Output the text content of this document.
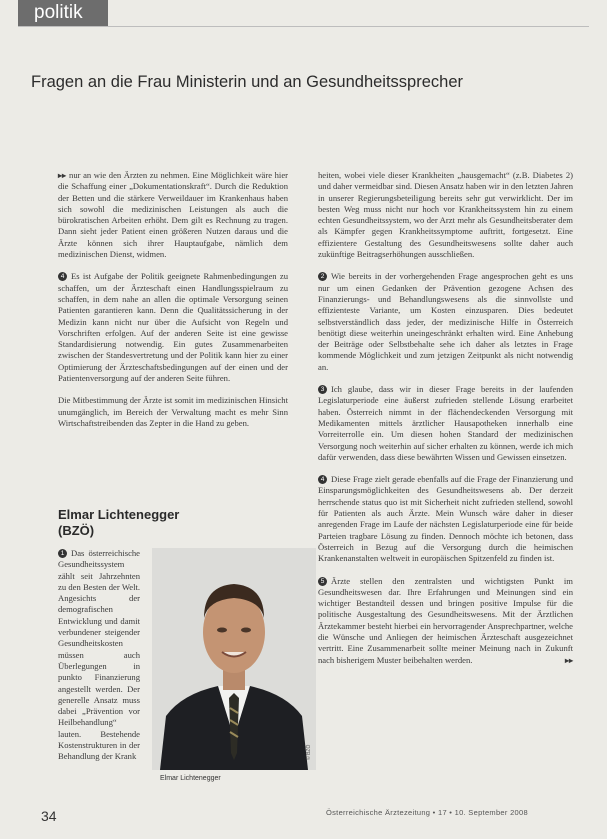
politik
Fragen an die Frau Ministerin und an Gesundheitssprecher

▸▸ nur an wie den Ärzten zu nehmen. Eine Möglichkeit wäre hier die Schaffung einer „Dokumentationskraft“. Durch die Reduktion der Betten und die stärkere Verweildauer im Krankenhaus haben sich sowohl die medizinischen Leistungen als auch die bürokratischen Arbeiten erhöht. Dem gilt es Rechnung zu tragen. Dann sieht jeder Patient einen größeren Nutzen daraus und die Ärzte können sich ihrer Hauptaufgabe, nämlich dem medizinischen Dienst, widmen.

4 Es ist Aufgabe der Politik geeignete Rahmenbedingungen zu schaffen, um der Ärzteschaft einen Handlungsspielraum zu schaffen, in dem nahe an allen die optimale Versorgung seinen Patienten garantieren kann. Denn die Qualitätssicherung in der Medizin kann nicht nur über die Aufsicht von Regeln und Vorschriften erfolgen. Auf der anderen Seite ist eine gewisse Standardisierung notwendig. Ein gutes Zusammenarbeiten zwischen der Standesvertretung und der Politik kann hier zu einer Optimierung der Ärzteschaftsbedingungen auf der einen und der Patientenversorgung auf der anderen Seite führen.

Die Mitbestimmung der Ärzte ist somit im medizinischen Hinsicht unumgänglich, im Bereich der Verwaltung macht es mehr Sinn Wirtschaftstreibenden das Zepter in die Hand zu geben.

Elmar Lichtenegger
(BZÖ)
1 Das österreichische Gesundheitssystem zählt seit Jahrzehnten zu den Besten der Welt. Angesichts der demografischen Entwicklung und damit verbundener steigender Gesundheitskosten müssen auch Überlegungen in punkto Finanzierung angestellt werden. Der generelle Ansatz muss dabei „Prävention vor Heilbehandlung“ lauten. Bestehende Kostenstrukturen in der Behandlung der Krank
Elmar Lichtenegger
© BZÖ

heiten, wobei viele dieser Krankheiten „hausgemacht“ (z.B. Diabetes 2) und daher vermeidbar sind. Diesen Ansatz haben wir in den letzten Jahren in unserer Regierungsbeteiligung bereits sehr gut verwirklicht. Der im besten Weg muss nicht nur hoch vor Krankheitssystem hin zu einem echten Gesundheitssystem, wo der Arzt mehr als Gesundheitsberater dem als Kämpfer gegen Krankheitssymptome auftritt, fortgesetzt. Eine effizientere Gestaltung des Gesundheitswesens sollte daher auch zukünftige Beitragserhöhungen ausschließen.

2 Wie bereits in der vorhergehenden Frage angesprochen geht es uns nur um einen Gedanken der Prävention gezogene Achsen des Finanzierungs- und Behandlungswesens als die sinnvollste und effizienteste Variante, um Kosten einzusparen. Dies bedeutet selbstverständlich dass jeder, der medizinische Hilfe in Österreich benötigt diese weiterhin uneingeschränkt erhalten wird. Eine Anhebung der Beiträge oder Selbstbehalte sehe ich daher als letztes in Frage kommende Möglichkeit und zum jetzigen Zeitpunkt als nicht notwendig an.

3 Ich glaube, dass wir in dieser Frage bereits in der laufenden Legislaturperiode eine äußerst zufrieden stellende Lösung erarbeitet haben. Österreich nimmt in der flächendeckenden Versorgung mit Medikamenten mittels ärztlicher Hausapotheken innerhalb eine Vorreiterrolle ein. Um diesen hohen Standard der medizinischen Versorgung noch weiterhin auf sicher erhalten zu können, werde ich mich dafür verwenden, dass diese bewährten Wissen und Gewissen einsetzen.

4 Diese Frage zielt gerade ebenfalls auf die Frage der Finanzierung und Einsparungsmöglichkeiten des Gesundheitswesens ab. Der derzeit herrschende status quo ist mit Sicherheit nicht zufrieden stellend, sowohl für Patienten als auch Ärzte. Mein Wunsch wäre daher in dieser anregenden Frage im Laufe der nächsten Legislaturperiode eine für beide Parteien tragbare Lösung zu finden. Dennoch möchte ich betonen, dass Österreich in Bezug auf die Versorgung durch die heimischen Krankenanstalten weltweit in europäischen Spitzenfeld zu finden ist.

5 Ärzte stellen den zentralsten und wichtigsten Punkt im Gesundheitswesen dar. Ihre Erfahrungen und Meinungen sind ein wichtiger Bestandteil dessen und bringen positive Impulse für die politische Ausgestaltung des Gesundheitswesens. Mit der Ärztlichen Ärztekammer besteht hierbei ein hervorragender Ansprechpartner, welche die Wünsche und Anliegen der heimischen Ärzteschaft ausgezeichnet vertritt. Eine Zusammenarbeit sollte meiner Meinung nach in Zukunft nach bisherigem Muster beibehalten werden.	▸▸

34	Österreichische Ärztezeitung • 17 • 10. September 2008
